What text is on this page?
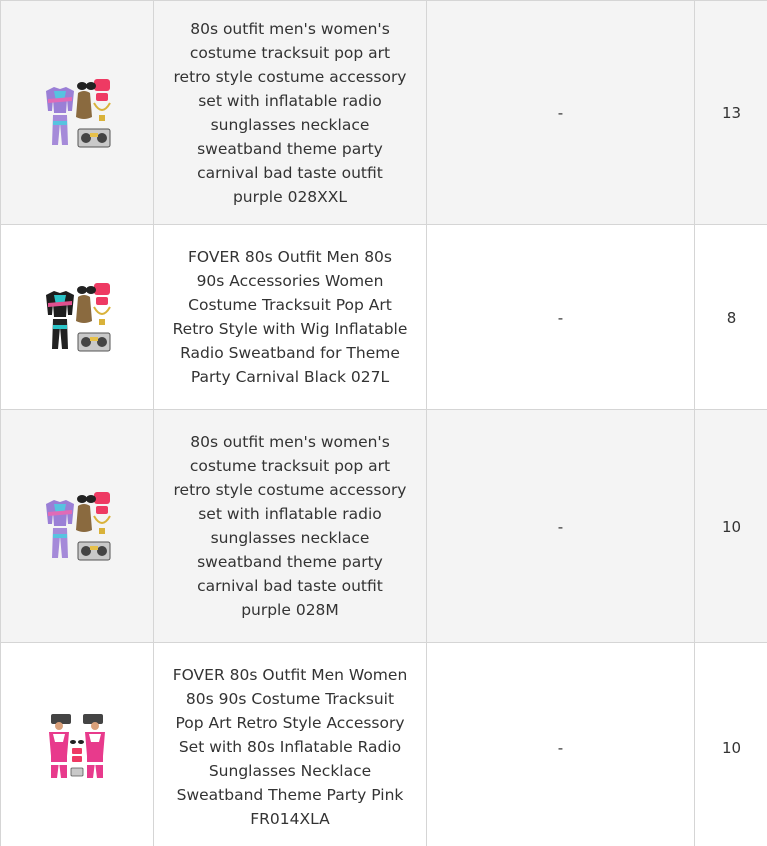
80s outfit men's women's costume tracksuit pop art retro style costume accessory set with inflatable radio sunglasses necklace sweatband theme party carnival bad taste outfit purple 028XXL	-	13

FOVER 80s Outfit Men 80s 90s Accessories Women Costume Tracksuit Pop Art Retro Style with Wig Inflatable Radio Sweatband for Theme Party Carnival Black 027L	-	8

80s outfit men's women's costume tracksuit pop art retro style costume accessory set with inflatable radio sunglasses necklace sweatband theme party carnival bad taste outfit purple 028M	-	10

FOVER 80s Outfit Men Women 80s 90s Costume Tracksuit Pop Art Retro Style Accessory Set with 80s Inflatable Radio Sunglasses Necklace Sweatband Theme Party Pink FR014XLA	-	10
